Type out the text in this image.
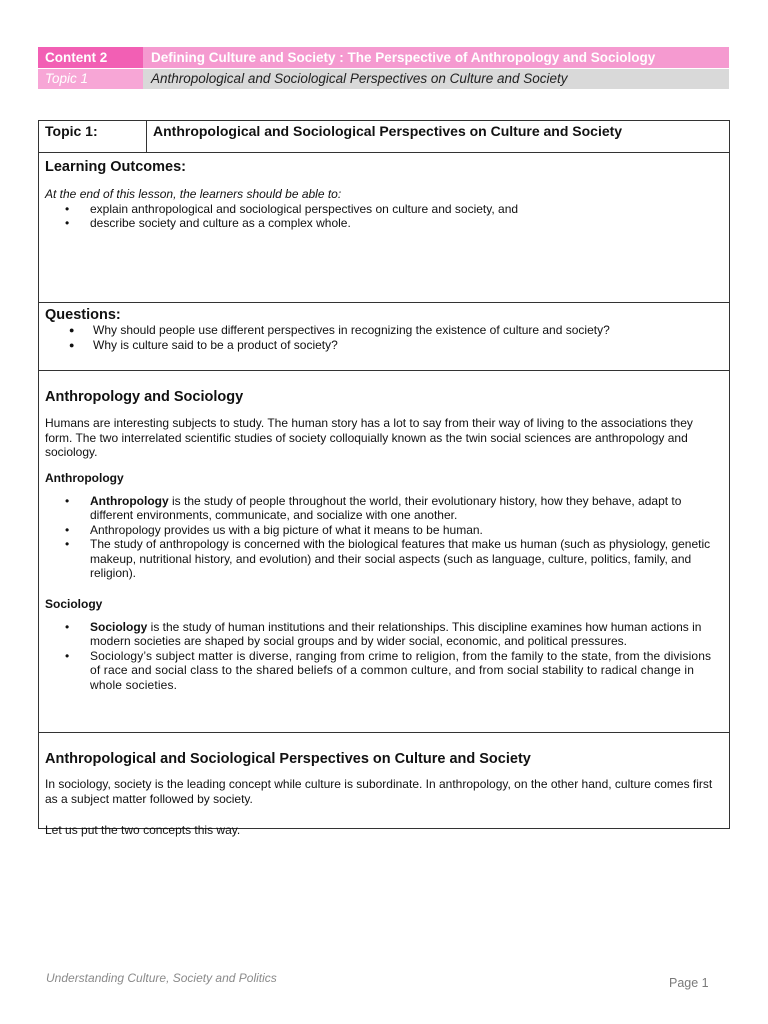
Content 2	Defining Culture and Society : The Perspective of Anthropology and Sociology
Topic 1	Anthropological and Sociological Perspectives on Culture and Society
Topic 1:	Anthropological and Sociological Perspectives on Culture and Society
Learning Outcomes:

At the end of this lesson, the learners should be able to:

• explain anthropological and sociological perspectives on culture and society, and
• describe society and culture as a complex whole.
Questions:
● Why should people use different perspectives in recognizing the existence of culture and society?
● Why is culture said to be a product of society?
Anthropology and Sociology

Humans are interesting subjects to study. The human story has a lot to say from their way of living to the associations they form. The two interrelated scientific studies of society colloquially known as the twin social sciences are anthropology and sociology.

Anthropology
• Anthropology is the study of people throughout the world, their evolutionary history, how they behave, adapt to different environments, communicate, and socialize with one another.
• Anthropology provides us with a big picture of what it means to be human.
• The study of anthropology is concerned with the biological features that make us human (such as physiology, genetic makeup, nutritional history, and evolution) and their social aspects (such as language, culture, politics, family, and religion).
Sociology
• Sociology is the study of human institutions and their relationships. This discipline examines how human actions in modern societies are shaped by social groups and by wider social, economic, and political pressures.
• Sociology’s subject matter is diverse, ranging from crime to religion, from the family to the state, from the divisions of race and social class to the shared beliefs of a common culture, and from social stability to radical change in whole societies.
Anthropological and Sociological Perspectives on Culture and Society

In sociology, society is the leading concept while culture is subordinate. In anthropology, on the other hand, culture comes first as a subject matter followed by society.

Let us put the two concepts this way.

Understanding Culture, Society and Politics	Page 1
